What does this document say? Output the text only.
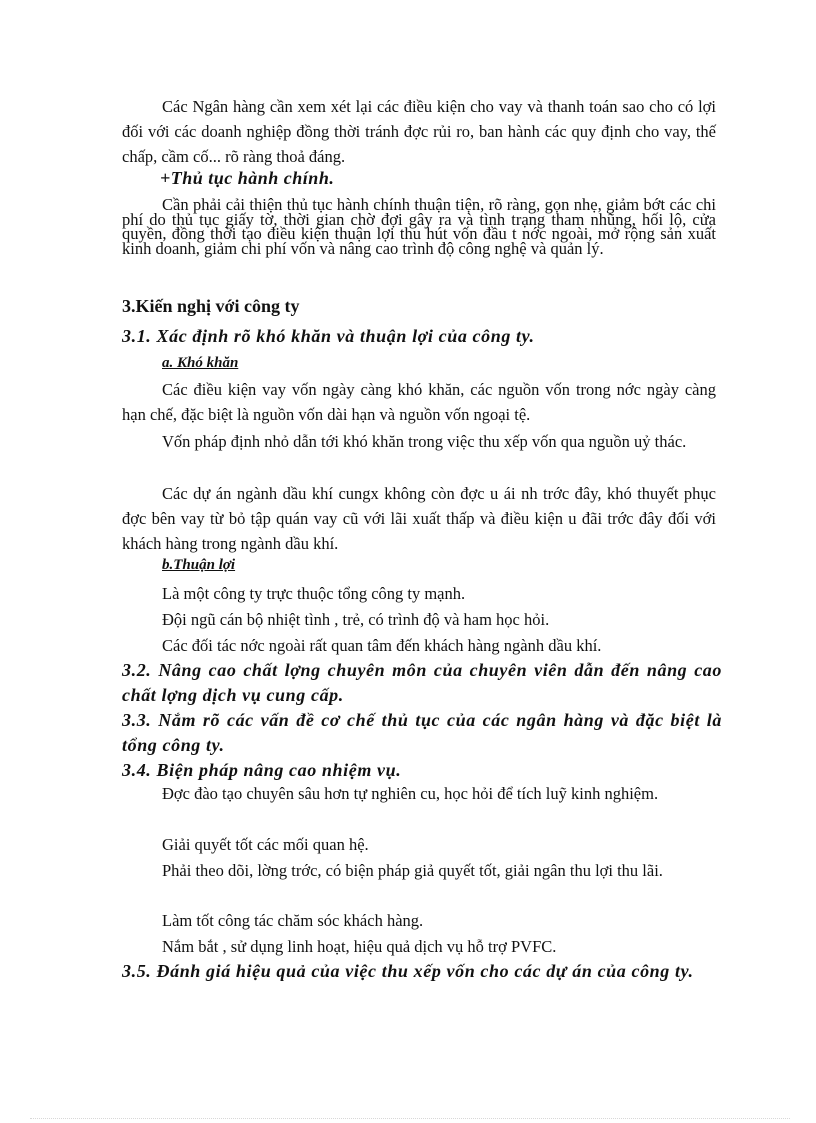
Các Ngân hàng cần xem xét lại các điều kiện cho vay và thanh toán sao cho có lợi đối với các doanh nghiệp đồng thời tránh đợc rủi ro, ban hành các quy định cho vay, thế chấp, cầm cố... rõ ràng thoả đáng.

+Thủ tục hành chính.

Cần phải cải thiện thủ tục hành chính thuận tiện, rõ ràng, gọn nhẹ, giảm bớt các chi phí do thủ tục giấy tờ, thời gian chờ đợi gây ra và tình trạng tham nhũng, hối lộ, cửa quyền, đồng thời tạo điều kiện thuận lợi thu hút vốn đầu t nớc ngoài, mở rộng sản xuất kinh doanh, giảm chi phí vốn và nâng cao trình độ công nghệ và quản lý.

3.Kiến nghị với công ty

3.1. Xác định rõ khó khăn và thuận lợi của công ty.

a. Khó khăn

Các điều kiện vay vốn ngày càng khó khăn, các nguồn vốn trong nớc ngày càng hạn chế, đặc biệt là nguồn vốn dài hạn và nguồn vốn ngoại tệ.

Vốn pháp định nhỏ dẫn tới khó khăn trong việc thu xếp vốn qua nguồn uỷ thác.

Các dự án ngành dầu khí cungx không còn đợc u ái nh trớc đây, khó thuyết phục đợc bên vay từ bỏ tập quán vay cũ với lãi xuất thấp và điều kiện u đãi trớc đây đối với khách hàng trong ngành dầu khí.

b.Thuận lợi

Là một công ty trực thuộc tổng công ty mạnh.

Đội ngũ cán bộ nhiệt tình , trẻ, có trình độ và ham học hỏi.

Các đối tác nớc ngoài rất quan tâm đến khách hàng ngành dầu khí.

3.2. Nâng cao chất lợng chuyên môn của chuyên viên dẫn đến nâng cao chất lợng dịch vụ cung cấp.

3.3. Nắm rõ các vấn đề cơ chế thủ tục của các ngân hàng và đặc biệt là tổng công ty.

3.4. Biện pháp nâng cao nhiệm vụ.

Đợc đào tạo chuyên sâu hơn tự nghiên cu, học hỏi để tích luỹ kinh nghiệm.

Giải quyết tốt các mối quan hệ.

Phải theo dõi, lờng trớc, có biện pháp giả quyết tốt, giải ngân thu lợi thu lãi.

Làm tốt công tác chăm sóc khách hàng.

Nắm bắt , sử dụng linh hoạt, hiệu quả dịch vụ hỗ trợ PVFC.

3.5. Đánh giá hiệu quả của việc thu xếp vốn cho các dự án của công ty.
